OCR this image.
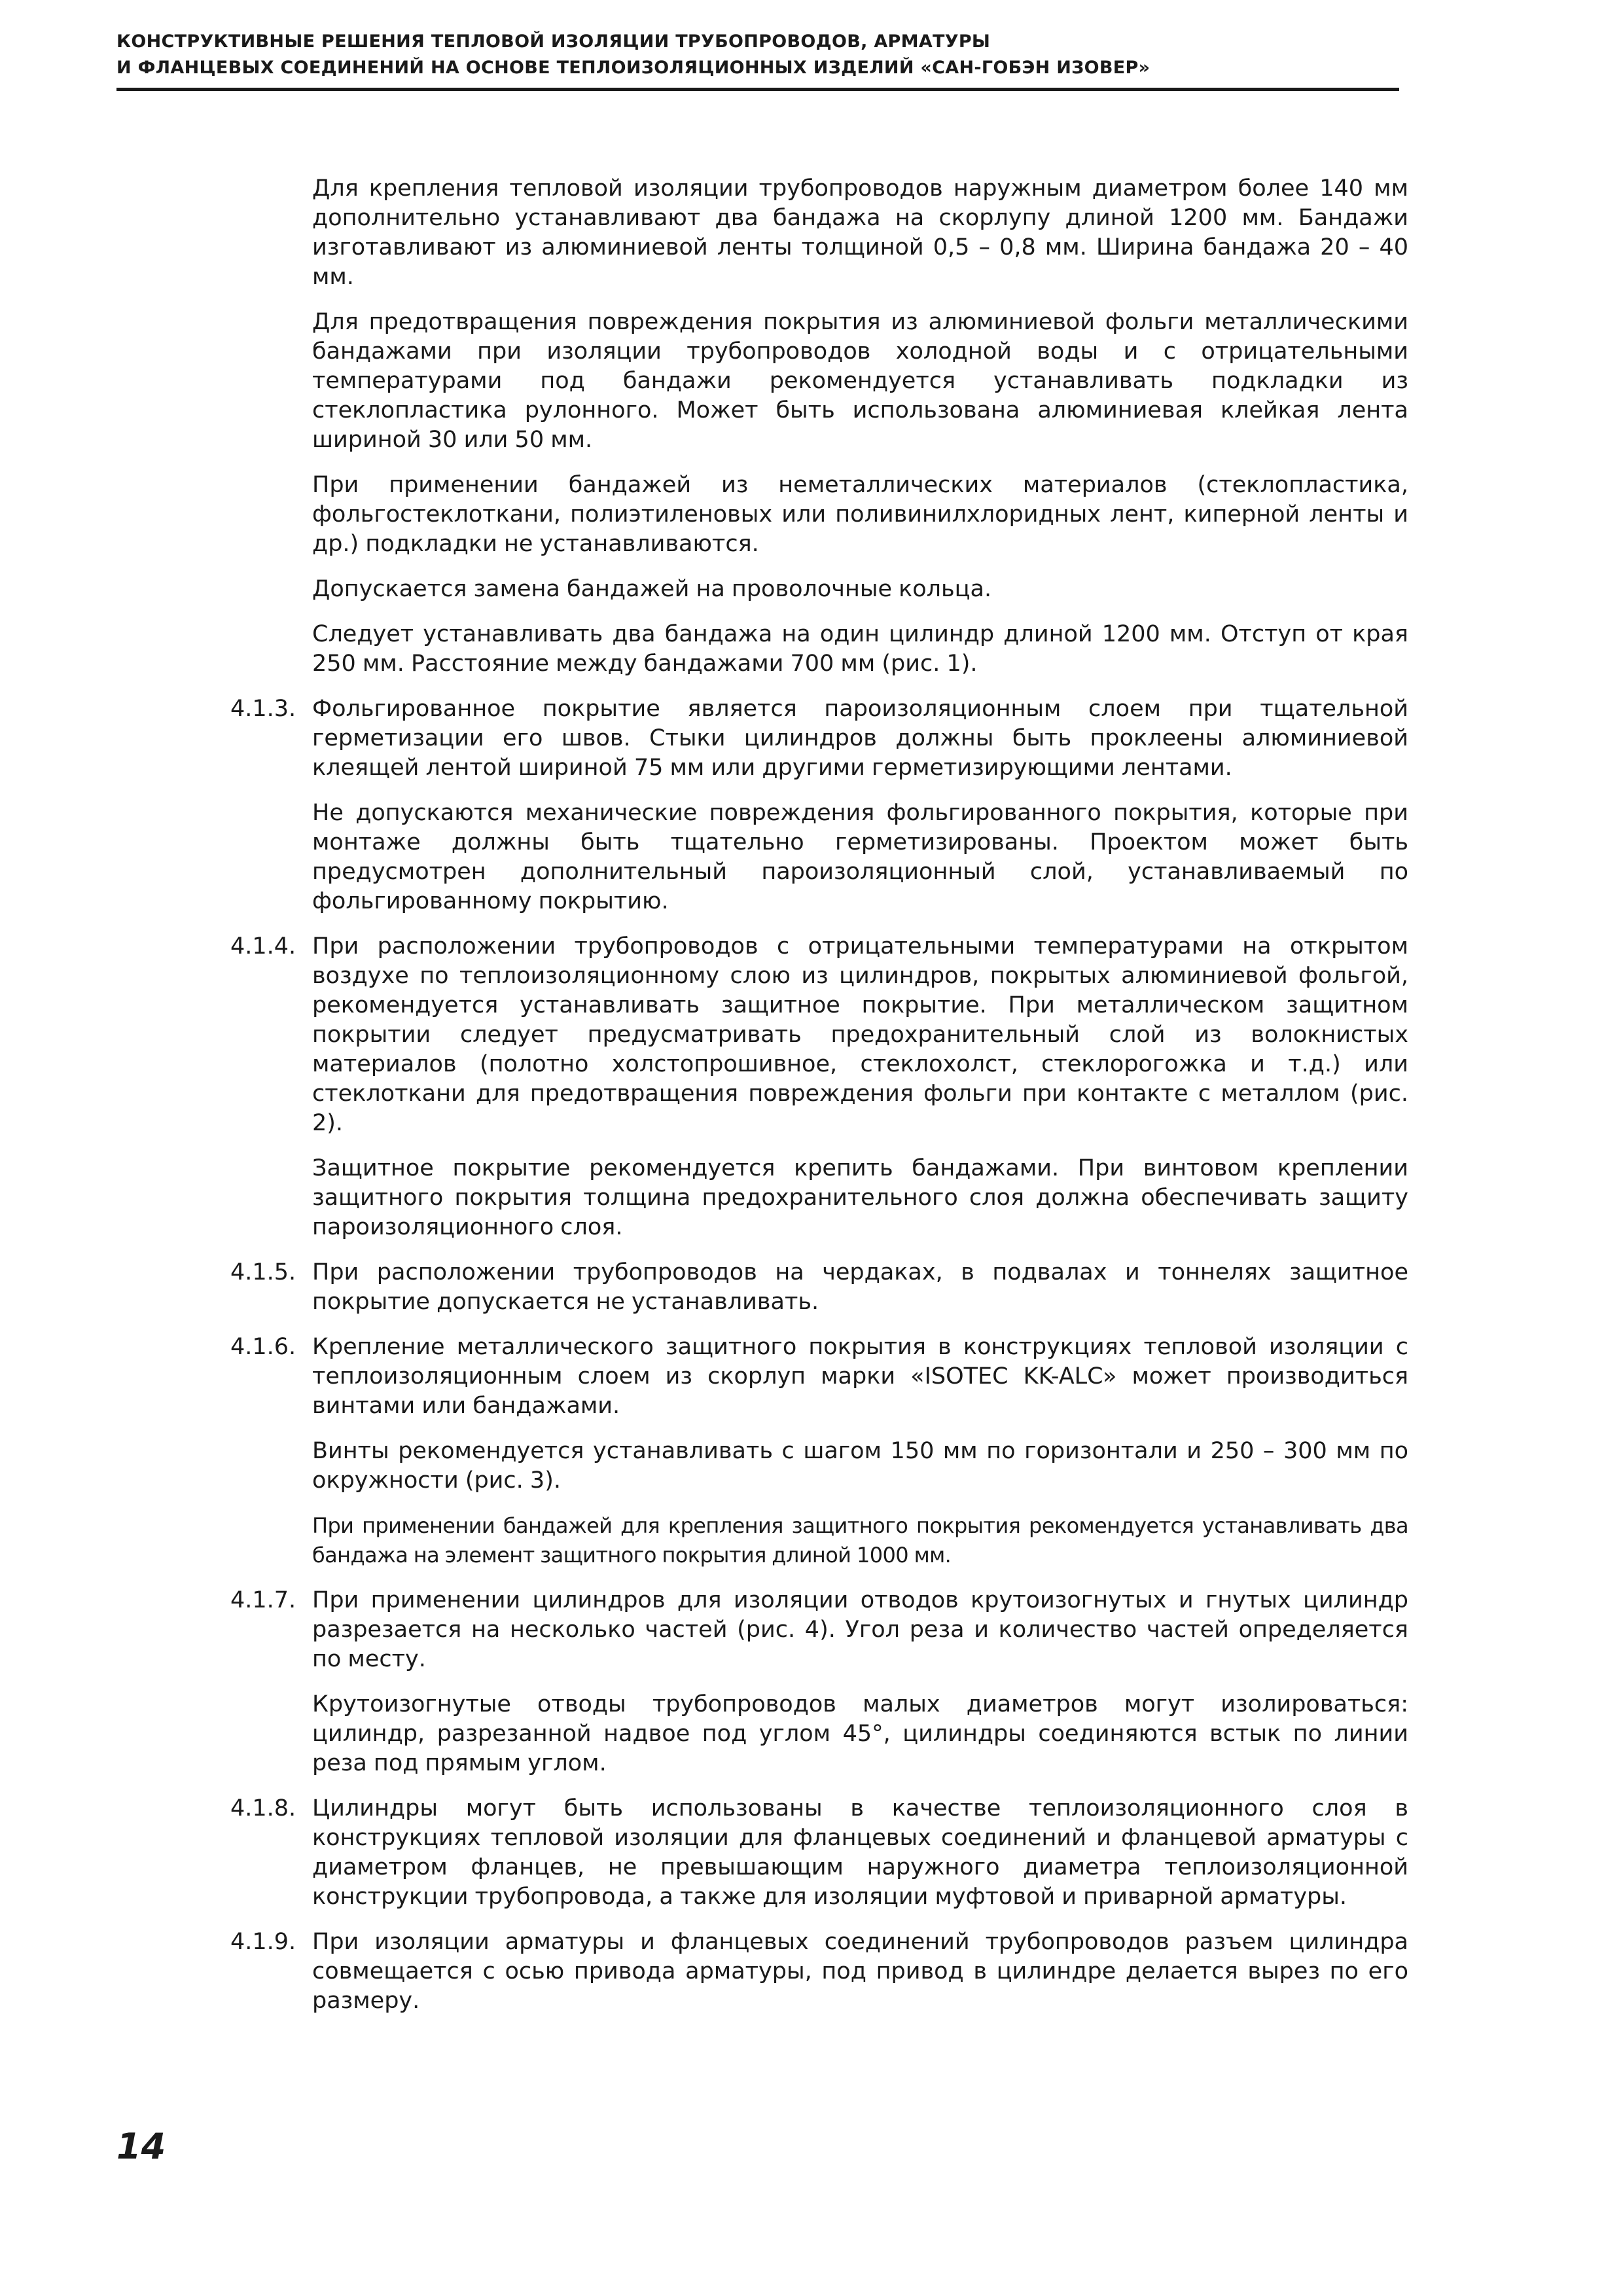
КОНСТРУКТИВНЫЕ РЕШЕНИЯ ТЕПЛОВОЙ ИЗОЛЯЦИИ ТРУБОПРОВОДОВ, АРМАТУРЫ
И ФЛАНЦЕВЫХ СОЕДИНЕНИЙ НА ОСНОВЕ ТЕПЛОИЗОЛЯЦИОННЫХ ИЗДЕЛИЙ «САН-ГОБЭН ИЗОВЕР»

Для крепления тепловой изоляции трубопроводов наружным диаметром более 140 мм дополнительно устанавливают два бандажа на скорлупу длиной 1200 мм. Бандажи изготавливают из алюминиевой ленты толщиной 0,5 – 0,8 мм. Ширина бандажа 20 – 40 мм.

Для предотвращения повреждения покрытия из алюминиевой фольги металлическими бандажами при изоляции трубопроводов холодной воды и с отрицательными температурами под бандажи рекомендуется устанавливать подкладки из стеклопластика рулонного. Может быть использована алюминиевая клейкая лента шириной 30 или 50 мм.

При применении бандажей из неметаллических материалов (стеклопластика, фольгостеклоткани, полиэтиленовых или поливинилхлоридных лент, киперной ленты и др.) подкладки не устанавливаются.

Допускается замена бандажей на проволочные кольца.

Следует устанавливать два бандажа на один цилиндр длиной 1200 мм. Отступ от края 250 мм. Расстояние между бандажами 700 мм (рис. 1).

4.1.3. Фольгированное покрытие является пароизоляционным слоем при тщательной герметизации его швов. Стыки цилиндров должны быть проклеены алюминиевой клеящей лентой шириной 75 мм или другими герметизирующими лентами.

Не допускаются механические повреждения фольгированного покрытия, которые при монтаже должны быть тщательно герметизированы. Проектом может быть предусмотрен дополнительный пароизоляционный слой, устанавливаемый по фольгированному покрытию.

4.1.4. При расположении трубопроводов с отрицательными температурами на открытом воздухе по теплоизоляционному слою из цилиндров, покрытых алюминиевой фольгой, рекомендуется устанавливать защитное покрытие. При металлическом защитном покрытии следует предусматривать предохранительный слой из волокнистых материалов (полотно холстопрошивное, стеклохолст, стеклорогожка и т.д.) или стеклоткани для предотвращения повреждения фольги при контакте с металлом (рис. 2).

Защитное покрытие рекомендуется крепить бандажами. При винтовом креплении защитного покрытия толщина предохранительного слоя должна обеспечивать защиту пароизоляционного слоя.

4.1.5. При расположении трубопроводов на чердаках, в подвалах и тоннелях защитное покрытие допускается не устанавливать.

4.1.6. Крепление металлического защитного покрытия в конструкциях тепловой изоляции с теплоизоляционным слоем из скорлуп марки «ISOTEC KK-ALC» может производиться винтами или бандажами.

Винты рекомендуется устанавливать с шагом 150 мм по горизонтали и 250 – 300 мм по окружности (рис. 3).

При применении бандажей для крепления защитного покрытия рекомендуется устанавливать два бандажа на элемент защитного покрытия длиной 1000 мм.

4.1.7. При применении цилиндров для изоляции отводов крутоизогнутых и гнутых цилиндр разрезается на несколько частей (рис. 4). Угол реза и количество частей определяется по месту.

Крутоизогнутые отводы трубопроводов малых диаметров могут изолироваться: цилиндр, разрезанной надвое под углом 45°, цилиндры соединяются встык по линии реза под прямым углом.

4.1.8. Цилиндры могут быть использованы в качестве теплоизоляционного слоя в конструкциях тепловой изоляции для фланцевых соединений и фланцевой арматуры с диаметром фланцев, не превышающим наружного диаметра теплоизоляционной конструкции трубопровода, а также для изоляции муфтовой и приварной арматуры.

4.1.9. При изоляции арматуры и фланцевых соединений трубопроводов разъем цилиндра совмещается с осью привода арматуры, под привод в цилиндре делается вырез по его размеру.

14
